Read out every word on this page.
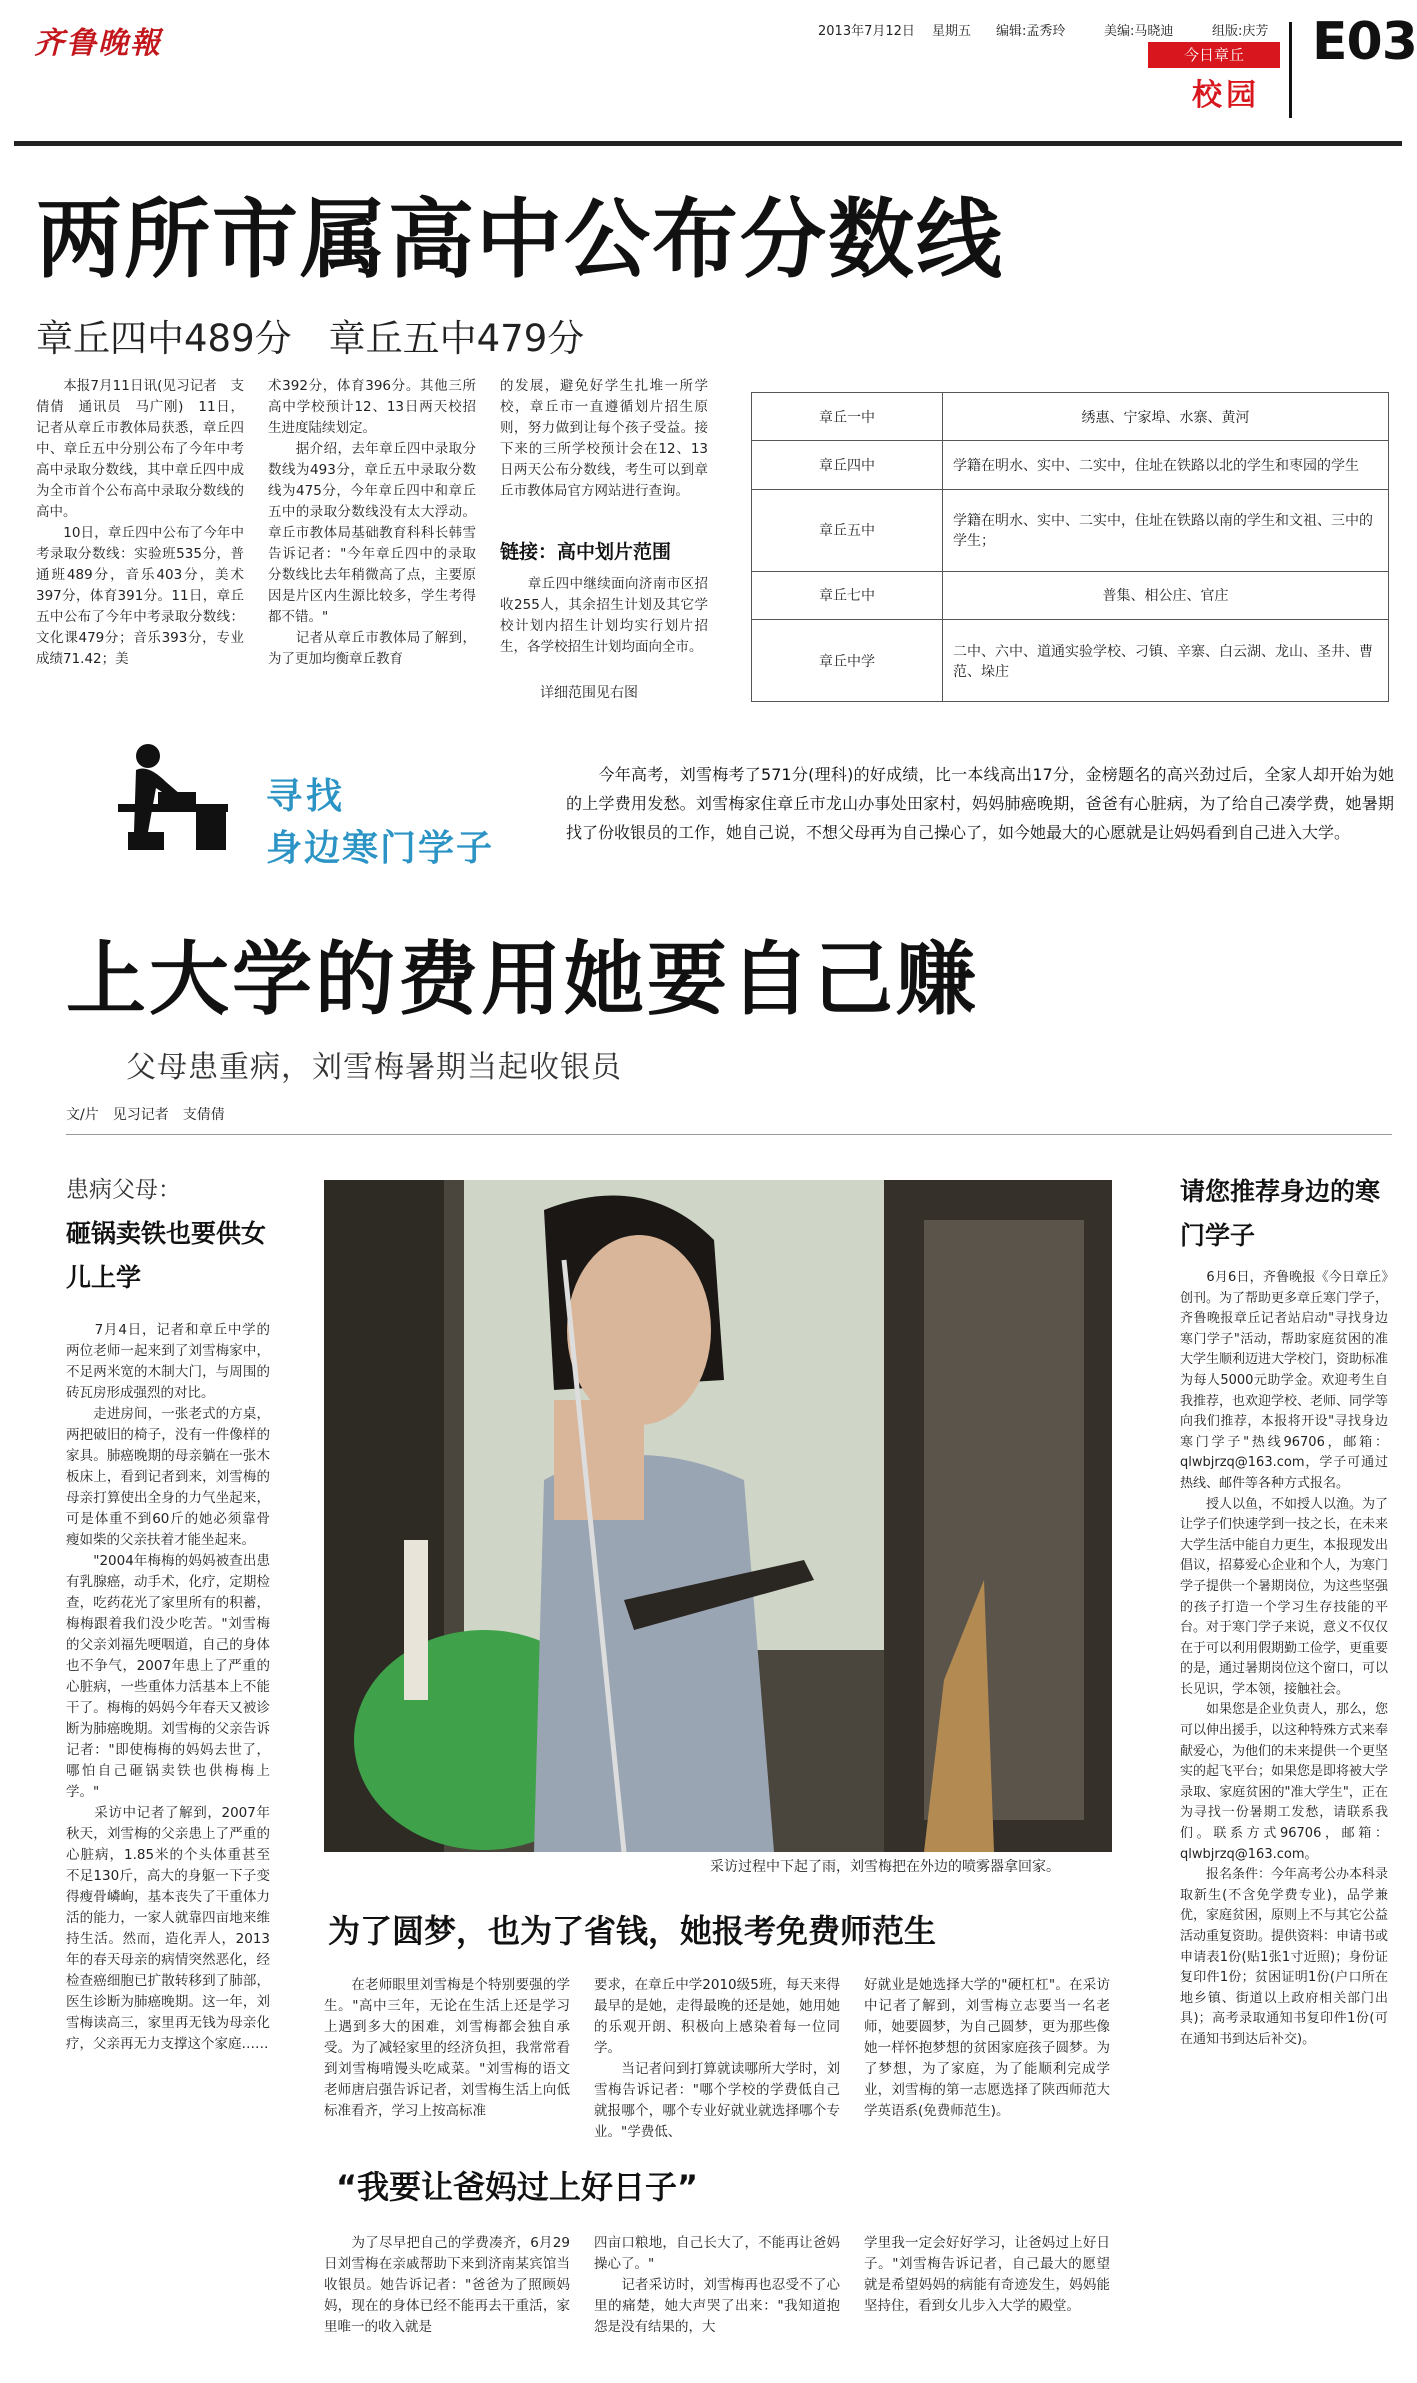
齐鲁晚報	2013年7月12日 星期五 编辑:孟秀玲	美编:马晓迪	组版:庆芳
今日章丘
校园
E03
两所市属高中公布分数线
章丘四中489分　章丘五中479分
　　本报7月11日讯(见习记者　支倩倩　通讯员　马广刚)　11日，记者从章丘市教体局获悉，章丘四中、章丘五中分别公布了今年中考高中录取分数线，其中章丘四中成为全市首个公布高中录取分数线的高中。
　　10日，章丘四中公布了今年中考录取分数线：实验班535分，普通班489分，音乐403分，美术397分，体育391分。11日，章丘五中公布了今年中考录取分数线：文化课479分；音乐393分，专业成绩71.42；美
术392分，体育396分。其他三所高中学校预计12、13日两天校招生进度陆续划定。
　　据介绍，去年章丘四中录取分数线为493分，章丘五中录取分数线为475分，今年章丘四中和章丘五中的录取分数线没有太大浮动。章丘市教体局基础教育科科长韩雪告诉记者："今年章丘四中的录取分数线比去年稍微高了点，主要原因是片区内生源比较多，学生考得都不错。"
　　记者从章丘市教体局了解到，为了更加均衡章丘教育
的发展，避免好学生扎堆一所学校，章丘市一直遵循划片招生原则，努力做到让每个孩子受益。接下来的三所学校预计会在12、13日两天公布分数线，考生可以到章丘市教体局官方网站进行查询。
链接：高中划片范围
　　章丘四中继续面向济南市区招收255人，其余招生计划及其它学校计划内招生计划均实行划片招生，各学校招生计划均面向全市。
详细范围见右图
章丘一中	绣惠、宁家埠、水寨、黄河
章丘四中	学籍在明水、实中、二实中，住址在铁路以北的学生和枣园的学生
章丘五中	学籍在明水、实中、二实中，住址在铁路以南的学生和文祖、三中的学生；
章丘七中	普集、相公庄、官庄
章丘中学	二中、六中、道通实验学校、刁镇、辛寨、白云湖、龙山、圣井、曹范、垛庄
寻找
身边寒门学子
　　今年高考，刘雪梅考了571分(理科)的好成绩，比一本线高出17分，金榜题名的高兴劲过后，全家人却开始为她的上学费用发愁。刘雪梅家住章丘市龙山办事处田家村，妈妈肺癌晚期，爸爸有心脏病，为了给自己凑学费，她暑期找了份收银员的工作，她自己说，不想父母再为自己操心了，如今她最大的心愿就是让妈妈看到自己进入大学。
上大学的费用她要自己赚
父母患重病，刘雪梅暑期当起收银员
文/片　见习记者　支倩倩
患病父母：
砸锅卖铁也要供女儿上学
　　7月4日，记者和章丘中学的两位老师一起来到了刘雪梅家中，不足两米宽的木制大门，与周围的砖瓦房形成强烈的对比。
　　走进房间，一张老式的方桌，两把破旧的椅子，没有一件像样的家具。肺癌晚期的母亲躺在一张木板床上，看到记者到来，刘雪梅的母亲打算使出全身的力气坐起来，可是体重不到60斤的她必须靠骨瘦如柴的父亲扶着才能坐起来。
　　"2004年梅梅的妈妈被查出患有乳腺癌，动手术，化疗，定期检查，吃药花光了家里所有的积蓄，梅梅跟着我们没少吃苦。"刘雪梅的父亲刘福先哽咽道，自己的身体也不争气，2007年患上了严重的心脏病，一些重体力活基本上不能干了。梅梅的妈妈今年春天又被诊断为肺癌晚期。刘雪梅的父亲告诉记者："即使梅梅的妈妈去世了，哪怕自己砸锅卖铁也供梅梅上学。"
　　采访中记者了解到，2007年秋天，刘雪梅的父亲患上了严重的心脏病，1.85米的个头体重甚至不足130斤，高大的身躯一下子变得瘦骨嶙峋，基本丧失了干重体力活的能力，一家人就靠四亩地来维持生活。然而，造化弄人，2013年的春天母亲的病情突然恶化，经检查癌细胞已扩散转移到了肺部，医生诊断为肺癌晚期。这一年，刘雪梅读高三，家里再无钱为母亲化疗，父亲再无力支撑这个家庭……
采访过程中下起了雨，刘雪梅把在外边的喷雾器拿回家。
为了圆梦，也为了省钱，她报考免费师范生
　　在老师眼里刘雪梅是个特别要强的学生。"高中三年，无论在生活上还是学习上遇到多大的困难，刘雪梅都会独自承受。为了减轻家里的经济负担，我常常看到刘雪梅啃馒头吃咸菜。"刘雪梅的语文老师唐启强告诉记者，刘雪梅生活上向低标准看齐，学习上按高标准
要求，在章丘中学2010级5班，每天来得最早的是她，走得最晚的还是她，她用她的乐观开朗、积极向上感染着每一位同学。
　　当记者问到打算就读哪所大学时，刘雪梅告诉记者："哪个学校的学费低自己就报哪个，哪个专业好就业就选择哪个专业。"学费低、
好就业是她选择大学的"硬杠杠"。在采访中记者了解到，刘雪梅立志要当一名老师，她要圆梦，为自己圆梦，更为那些像她一样怀抱梦想的贫困家庭孩子圆梦。为了梦想，为了家庭，为了能顺利完成学业，刘雪梅的第一志愿选择了陕西师范大学英语系(免费师范生)。
“我要让爸妈过上好日子”
　　为了尽早把自己的学费凑齐，6月29日刘雪梅在亲戚帮助下来到济南某宾馆当收银员。她告诉记者："爸爸为了照顾妈妈，现在的身体已经不能再去干重活，家里唯一的收入就是
四亩口粮地，自己长大了，不能再让爸妈操心了。"
　　记者采访时，刘雪梅再也忍受不了心里的痛楚，她大声哭了出来："我知道抱怨是没有结果的，大
学里我一定会好好学习，让爸妈过上好日子。"刘雪梅告诉记者，自己最大的愿望就是希望妈妈的病能有奇迹发生，妈妈能坚持住，看到女儿步入大学的殿堂。
请您推荐身边的寒门学子
　　6月6日，齐鲁晚报《今日章丘》创刊。为了帮助更多章丘寒门学子，齐鲁晚报章丘记者站启动"寻找身边寒门学子"活动，帮助家庭贫困的准大学生顺利迈进大学校门，资助标准为每人5000元助学金。欢迎考生自我推荐，也欢迎学校、老师、同学等向我们推荐，本报将开设"寻找身边寒门学子"热线96706，邮箱：qlwbjrzq@163.com，学子可通过热线、邮件等各种方式报名。
　　授人以鱼，不如授人以渔。为了让学子们快速学到一技之长，在未来大学生活中能自力更生，本报现发出倡议，招募爱心企业和个人，为寒门学子提供一个暑期岗位，为这些坚强的孩子打造一个学习生存技能的平台。对于寒门学子来说，意义不仅仅在于可以利用假期勤工俭学，更重要的是，通过暑期岗位这个窗口，可以长见识，学本领，接触社会。
　　如果您是企业负责人，那么，您可以伸出援手，以这种特殊方式来奉献爱心，为他们的未来提供一个更坚实的起飞平台；如果您是即将被大学录取、家庭贫困的"准大学生"，正在为寻找一份暑期工发愁，请联系我们。联系方式96706，邮箱：qlwbjrzq@163.com。
　　报名条件：今年高考公办本科录取新生(不含免学费专业)，品学兼优，家庭贫困，原则上不与其它公益活动重复资助。提供资料：申请书或申请表1份(贴1张1寸近照)；身份证复印件1份；贫困证明1份(户口所在地乡镇、街道以上政府相关部门出具)；高考录取通知书复印件1份(可在通知书到达后补交)。
